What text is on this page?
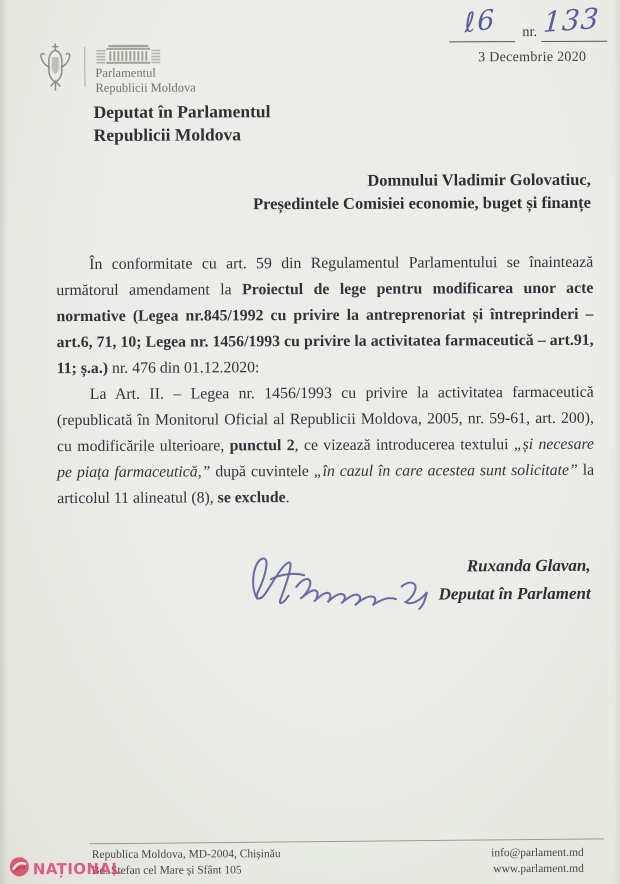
Parlamentul
Republicii Moldova
ℓ6 nr. 133
3 Decembrie 2020
Deputat în Parlamentul
Republicii Moldova
Domnului Vladimir Golovatiuc,
Președintele Comisiei economie, buget și finanțe

În conformitate cu art. 59 din Regulamentul Parlamentului se înaintează următorul amendament la Proiectul de lege pentru modificarea unor acte normative (Legea nr.845/1992 cu privire la antreprenoriat și întreprinderi – art.6, 71, 10; Legea nr. 1456/1993 cu privire la activitatea farmaceutică – art.91, 11; ș.a.) nr. 476 din 01.12.2020:

La Art. II. – Legea nr. 1456/1993 cu privire la activitatea farmaceutică (republicată în Monitorul Oficial al Republicii Moldova, 2005, nr. 59-61, art. 200), cu modificările ulterioare, punctul 2, ce vizează introducerea textului „și necesare pe piața farmaceutică,” după cuvintele „în cazul în care acestea sunt solicitate” la articolul 11 alineatul (8), se exclude.

Ruxanda Glavan,
Deputat în Parlament
Republica Moldova, MD-2004, Chișinău
Bd. Ștefan cel Mare și Sfânt 105
info@parlament.md
www.parlament.md
NAȚIONAL
